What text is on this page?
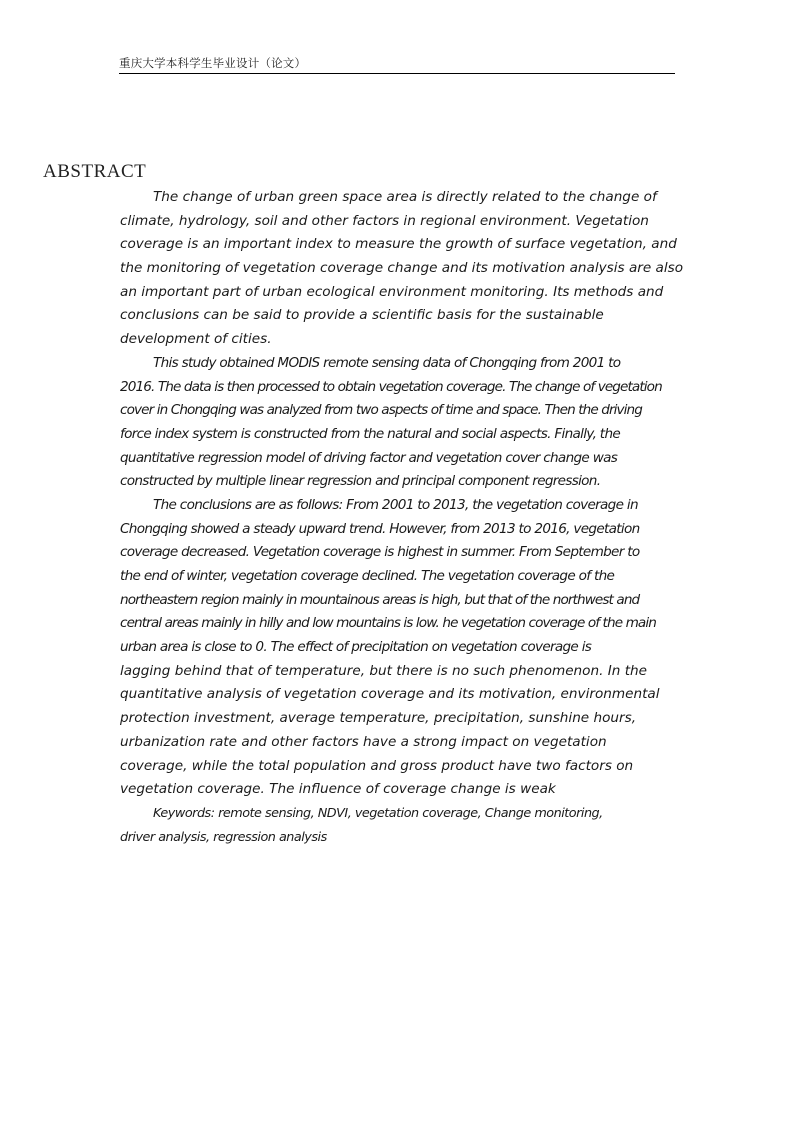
重庆大学本科学生毕业设计（论文）
ABSTRACT
The change of urban green space area is directly related to the change of
climate, hydrology, soil and other factors in regional environment. Vegetation
coverage is an important index to measure the growth of surface vegetation, and
the monitoring of vegetation coverage change and its motivation analysis are also
an important part of urban ecological environment monitoring. Its methods and
conclusions can be said to provide a scientific basis for the sustainable
development of cities.
This study obtained MODIS remote sensing data of Chongqing from 2001 to
2016. The data is then processed to obtain vegetation coverage. The change of vegetation
cover in Chongqing was analyzed from two aspects of time and space. Then the driving
force index system is constructed from the natural and social aspects. Finally, the
quantitative regression model of driving factor and vegetation cover change was
constructed by multiple linear regression and principal component regression.
The conclusions are as follows: From 2001 to 2013, the vegetation coverage in
Chongqing showed a steady upward trend. However, from 2013 to 2016, vegetation
coverage decreased. Vegetation coverage is highest in summer. From September to
the end of winter, vegetation coverage declined. The vegetation coverage of the
northeastern region mainly in mountainous areas is high, but that of the northwest and
central areas mainly in hilly and low mountains is low. he vegetation coverage of the main
urban area is close to 0. The effect of precipitation on vegetation coverage is
lagging behind that of temperature, but there is no such phenomenon. In the
quantitative analysis of vegetation coverage and its motivation, environmental
protection investment, average temperature, precipitation, sunshine hours,
urbanization rate and other factors have a strong impact on vegetation
coverage, while the total population and gross product have two factors on
vegetation coverage. The influence of coverage change is weak
Keywords: remote sensing, NDVI, vegetation coverage, Change monitoring,
driver analysis, regression analysis
